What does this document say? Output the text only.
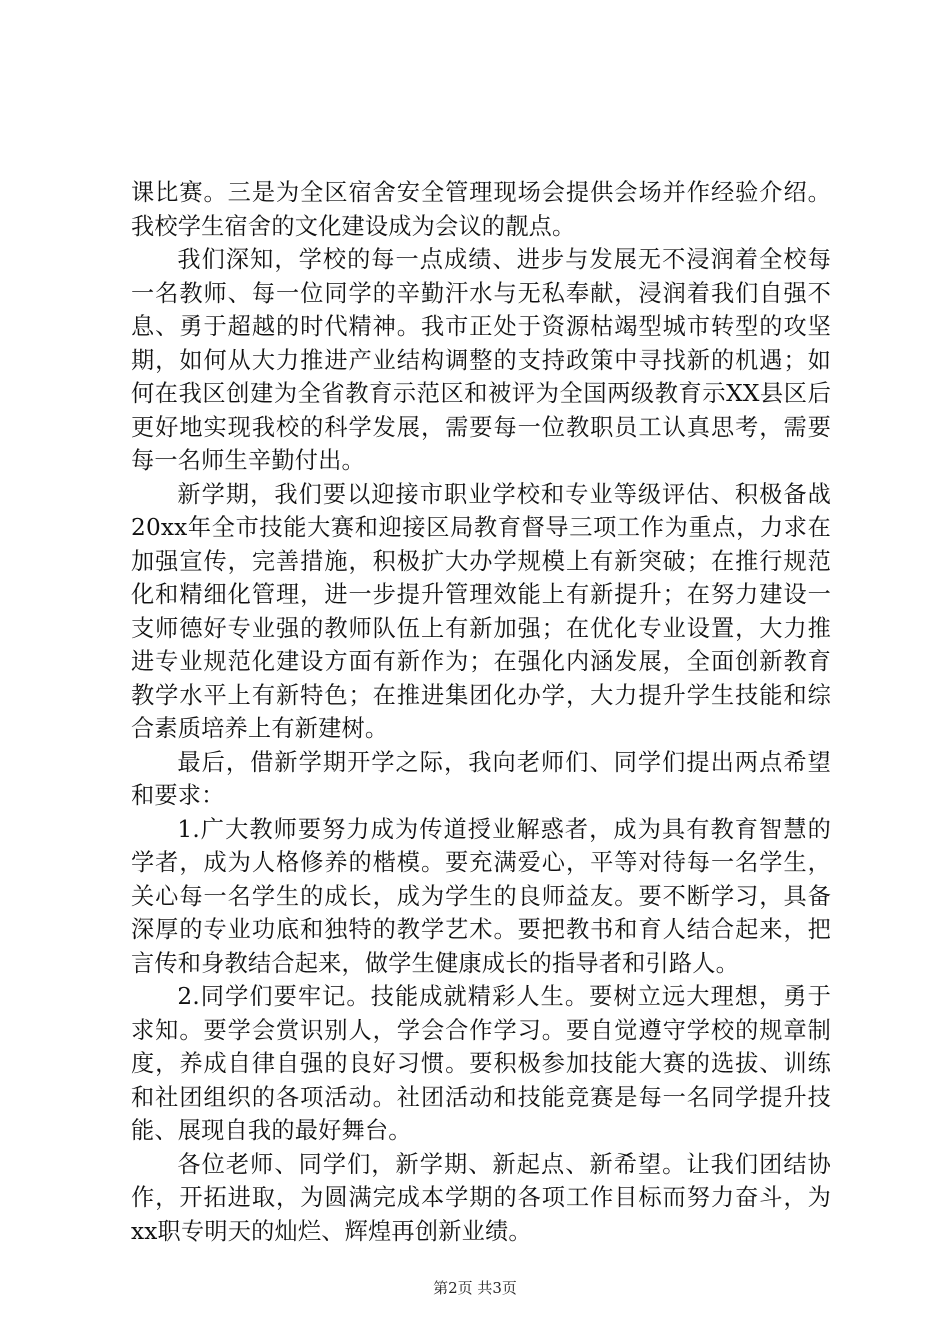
课比赛。三是为全区宿舍安全管理现场会提供会场并作经验介绍。我校学生宿舍的文化建设成为会议的靓点。

我们深知，学校的每一点成绩、进步与发展无不浸润着全校每一名教师、每一位同学的辛勤汗水与无私奉献，浸润着我们自强不息、勇于超越的时代精神。我市正处于资源枯竭型城市转型的攻坚期，如何从大力推进产业结构调整的支持政策中寻找新的机遇；如何在我区创建为全省教育示范区和被评为全国两级教育示XX县区后更好地实现我校的科学发展，需要每一位教职员工认真思考，需要每一名师生辛勤付出。

新学期，我们要以迎接市职业学校和专业等级评估、积极备战20xx年全市技能大赛和迎接区局教育督导三项工作为重点，力求在加强宣传，完善措施，积极扩大办学规模上有新突破；在推行规范化和精细化管理，进一步提升管理效能上有新提升；在努力建设一支师德好专业强的教师队伍上有新加强；在优化专业设置，大力推进专业规范化建设方面有新作为；在强化内涵发展，全面创新教育教学水平上有新特色；在推进集团化办学，大力提升学生技能和综合素质培养上有新建树。

最后，借新学期开学之际，我向老师们、同学们提出两点希望和要求：

1.广大教师要努力成为传道授业解惑者，成为具有教育智慧的学者，成为人格修养的楷模。要充满爱心，平等对待每一名学生，关心每一名学生的成长，成为学生的良师益友。要不断学习，具备深厚的专业功底和独特的教学艺术。要把教书和育人结合起来，把言传和身教结合起来，做学生健康成长的指导者和引路人。

2.同学们要牢记。技能成就精彩人生。要树立远大理想，勇于求知。要学会赏识别人，学会合作学习。要自觉遵守学校的规章制度，养成自律自强的良好习惯。要积极参加技能大赛的选拔、训练和社团组织的各项活动。社团活动和技能竞赛是每一名同学提升技能、展现自我的最好舞台。

各位老师、同学们，新学期、新起点、新希望。让我们团结协作，开拓进取，为圆满完成本学期的各项工作目标而努力奋斗，为xx职专明天的灿烂、辉煌再创新业绩。

第2页 共3页
